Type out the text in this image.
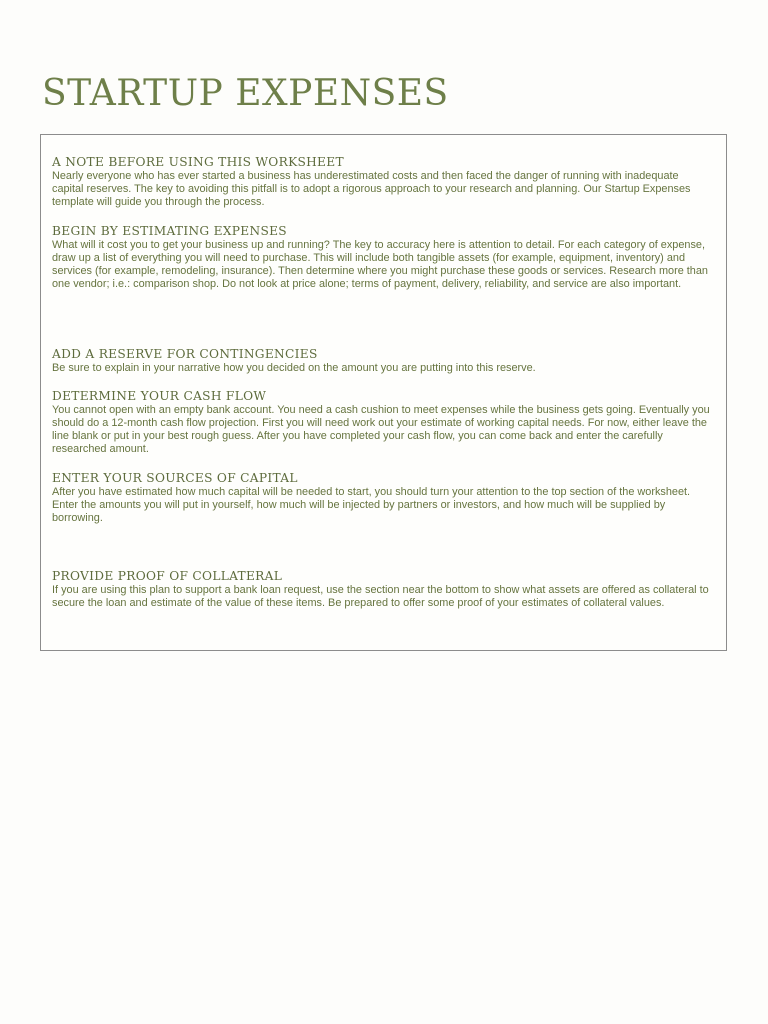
STARTUP EXPENSES
A NOTE BEFORE USING THIS WORKSHEET

Nearly everyone who has ever started a business has underestimated costs and then faced the danger of running with inadequate capital reserves. The key to avoiding this pitfall is to adopt a rigorous approach to your research and planning. Our Startup Expenses template will guide you through the process.

BEGIN BY ESTIMATING EXPENSES

What will it cost you to get your business up and running? The key to accuracy here is attention to detail. For each category of expense, draw up a list of everything you will need to purchase. This will include both tangible assets (for example, equipment, inventory) and services (for example, remodeling, insurance). Then determine where you might purchase these goods or services. Research more than one vendor; i.e.: comparison shop. Do not look at price alone; terms of payment, delivery, reliability, and service are also important.

ADD A RESERVE FOR CONTINGENCIES

Be sure to explain in your narrative how you decided on the amount you are putting into this reserve.

DETERMINE YOUR CASH FLOW

You cannot open with an empty bank account. You need a cash cushion to meet expenses while the business gets going. Eventually you should do a 12-month cash flow projection. First you will need work out your estimate of working capital needs. For now, either leave the line blank or put in your best rough guess. After you have completed your cash flow, you can come back and enter the carefully researched amount.

ENTER YOUR SOURCES OF CAPITAL

After you have estimated how much capital will be needed to start, you should turn your attention to the top section of the worksheet. Enter the amounts you will put in yourself, how much will be injected by partners or investors, and how much will be supplied by borrowing.

PROVIDE PROOF OF COLLATERAL

If you are using this plan to support a bank loan request, use the section near the bottom to show what assets are offered as collateral to secure the loan and estimate of the value of these items. Be prepared to offer some proof of your estimates of collateral values.
